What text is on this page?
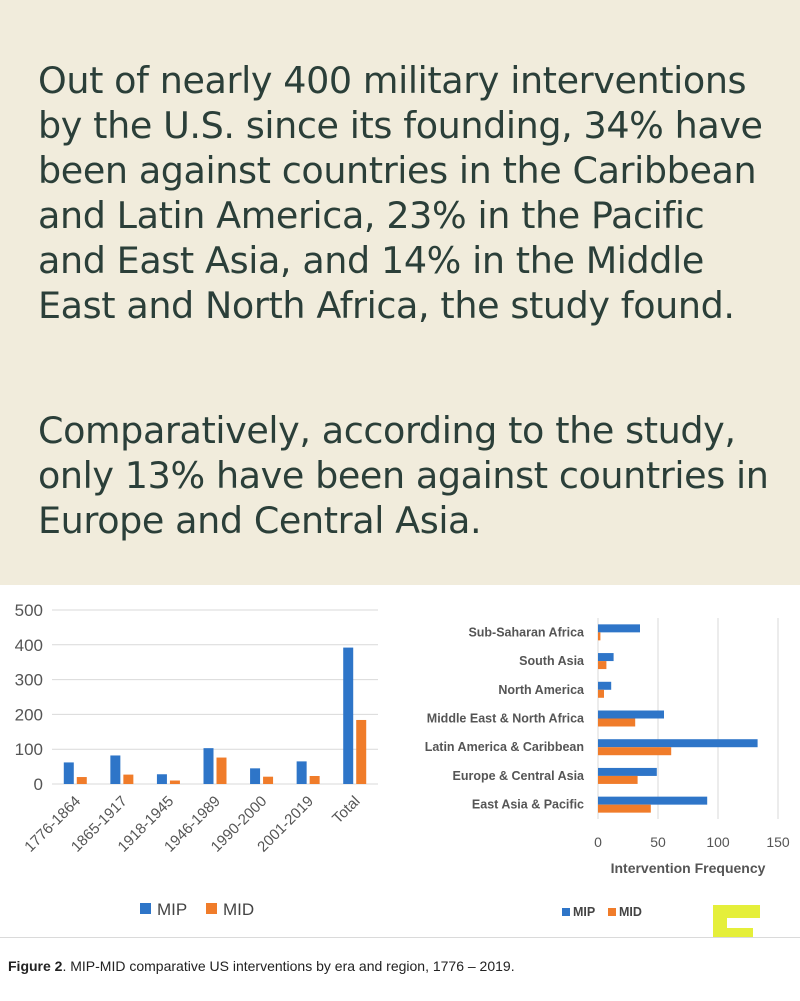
Out of nearly 400 military interventions by the U.S. since its founding, 34% have been against countries in the Caribbean and Latin America, 23% in the Pacific and East Asia, and 14% in the Middle East and North Africa, the study found.

Comparatively, according to the study, only 13% have been against countries in Europe and Central Asia.

0
100
200
300
400
500
1776-1864
1865-1917
1918-1945
1946-1989
1990-2000
2001-2019 Total
MIP MID
0	50	100	150
East Asia & Pacific
Europe & Central Asia
Latin America & Caribbean
Middle East & North Africa
North America
South Asia
Sub-Saharan Africa
Intervention Frequency
MIP MID

Figure 2. MIP-MID comparative US interventions by era and region, 1776 – 2019.
